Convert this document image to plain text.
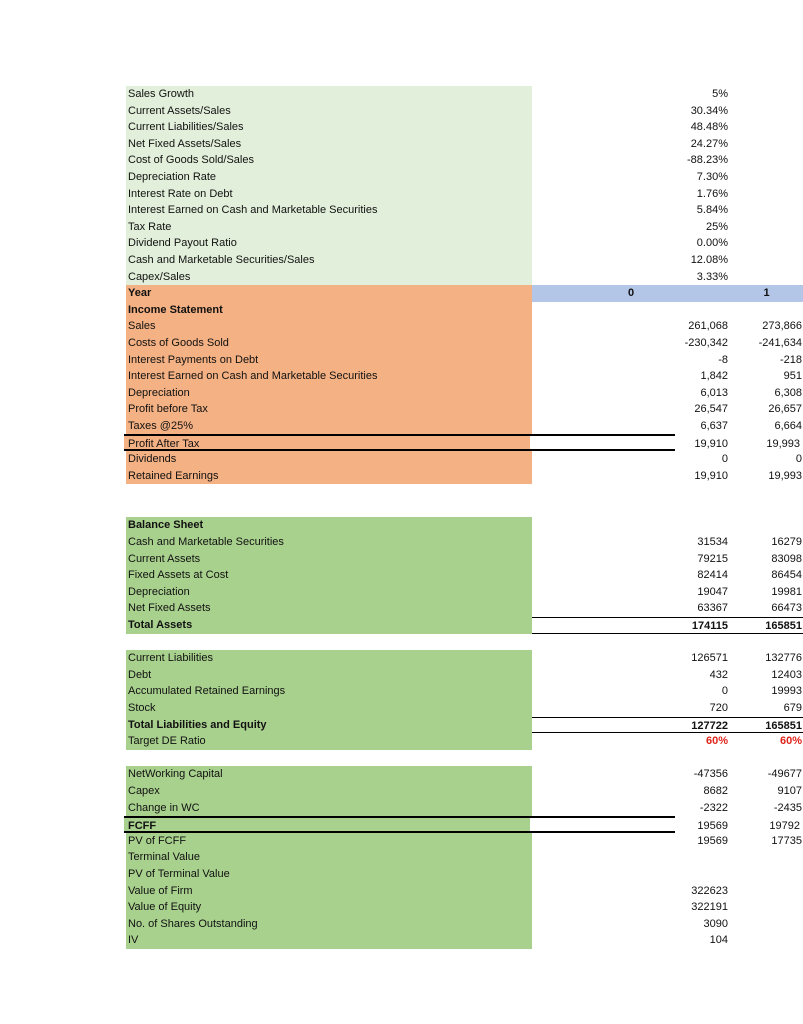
Sales Growth	5%
Current Assets/Sales	30.34%
Current Liabilities/Sales	48.48%
Net Fixed Assets/Sales	24.27%
Cost of Goods Sold/Sales	-88.23%
Depreciation Rate	7.30%
Interest Rate on Debt	1.76%
Interest Earned on Cash and Marketable Securities	5.84%
Tax Rate	25%
Dividend Payout Ratio	0.00%
Cash and Marketable Securities/Sales	12.08%
Capex/Sales	3.33%
Year	0	1
Income Statement
Sales	261,068	273,866
Costs of Goods Sold	-230,342	-241,634
Interest Payments on Debt	-8	-218
Interest Earned on Cash and Marketable Securities	1,842	951
Depreciation	6,013	6,308
Profit before Tax	26,547	26,657
Taxes @25%	6,637	6,664
Profit After Tax	19,910	19,993
Dividends	0	0
Retained Earnings	19,910	19,993
Balance Sheet
Cash and Marketable Securities	31534	16279
Current Assets	79215	83098
Fixed Assets at Cost	82414	86454
Depreciation	19047	19981
Net Fixed Assets	63367	66473
Total Assets	174115	165851
Current Liabilities	126571	132776
Debt	432	12403
Accumulated Retained Earnings	0	19993
Stock	720	679
Total Liabilities and Equity	127722	165851
Target DE Ratio	60%	60%
NetWorking Capital	-47356	-49677
Capex	8682	9107
Change in WC	-2322	-2435
FCFF	19569	19792
PV of FCFF	19569	17735
Terminal Value
PV of Terminal Value
Value of Firm	322623
Value of Equity	322191
No. of Shares Outstanding	3090
IV	104
